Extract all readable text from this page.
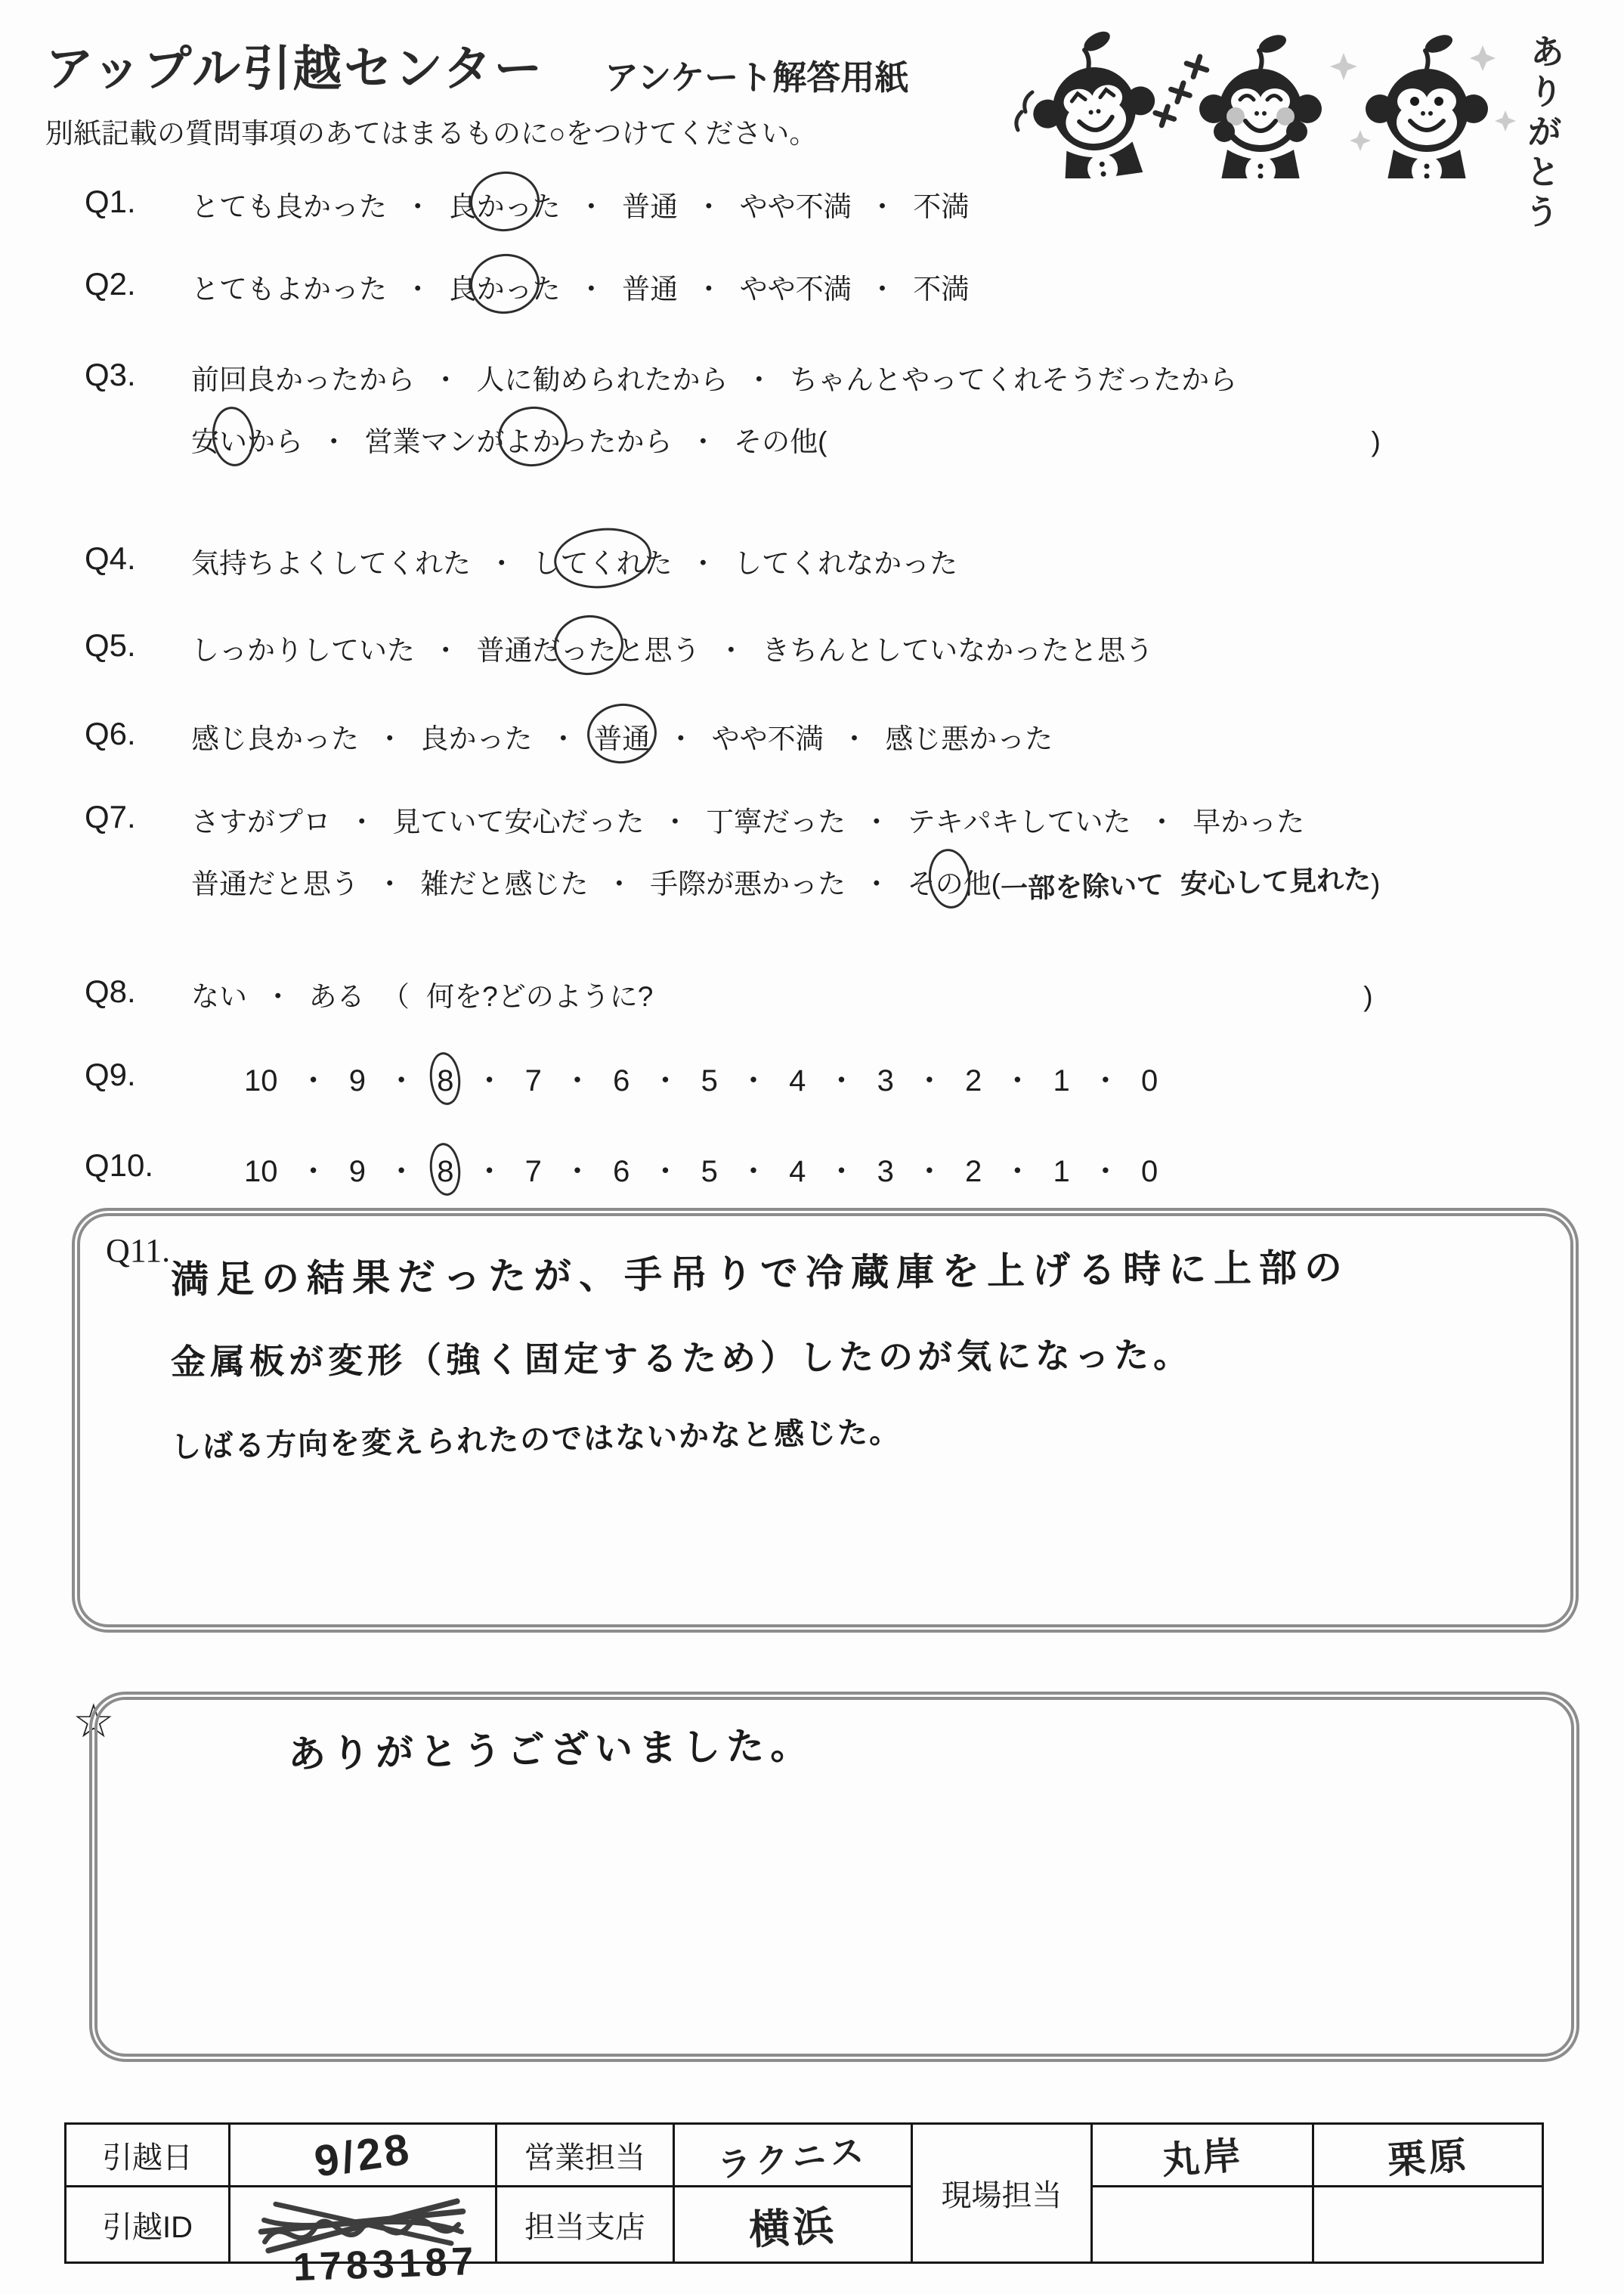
アップル引越センター アンケート解答用紙
別紙記載の質問事項のあてはまるものに○をつけてください。	ありがとう
Q1. とても良かった ・ 良かった ・ 普通 ・ やや不満 ・ 不満
Q2. とてもよかった ・ 良かった ・ 普通 ・ やや不満 ・ 不満
Q3. 前回良かったから ・ 人に勧められたから ・ ちゃんとやってくれそうだったから
安いから ・ 営業マンがよかったから ・ その他(	)
Q4. 気持ちよくしてくれた ・ してくれた ・ してくれなかった
Q5. しっかりしていた ・ 普通だったと思う ・ きちんとしていなかったと思う
Q6. 感じ良かった ・ 良かった ・ 普通 ・ やや不満 ・ 感じ悪かった
Q7. さすがプロ ・ 見ていて安心だった ・ 丁寧だった ・ テキパキしていた ・ 早かった
普通だと思う ・ 雑だと感じた ・ 手際が悪かった ・ その他(一部を除いて 安心して見れた)
Q8. ない ・ ある （ 何を?どのように?	)
Q9.	10 ・ 9 ・ 8 ・ 7 ・ 6 ・ 5 ・ 4 ・ 3 ・ 2 ・ 1 ・ 0
Q10.	10 ・ 9 ・ 8 ・ 7 ・ 6 ・ 5 ・ 4 ・ 3 ・ 2 ・ 1 ・ 0
Q11. 満足の結果だったが、手吊りで冷蔵庫を上げる時に上部の
金属板が変形（強く固定するため）したのが気になった。
しばる方向を変えられたのではないかなと感じた。
☆
ありがとうございました。
引越日	9/28	営業担当	ラクニス	現場担当	丸岸	栗原
引越ID		担当支店	横浜			
1783187
